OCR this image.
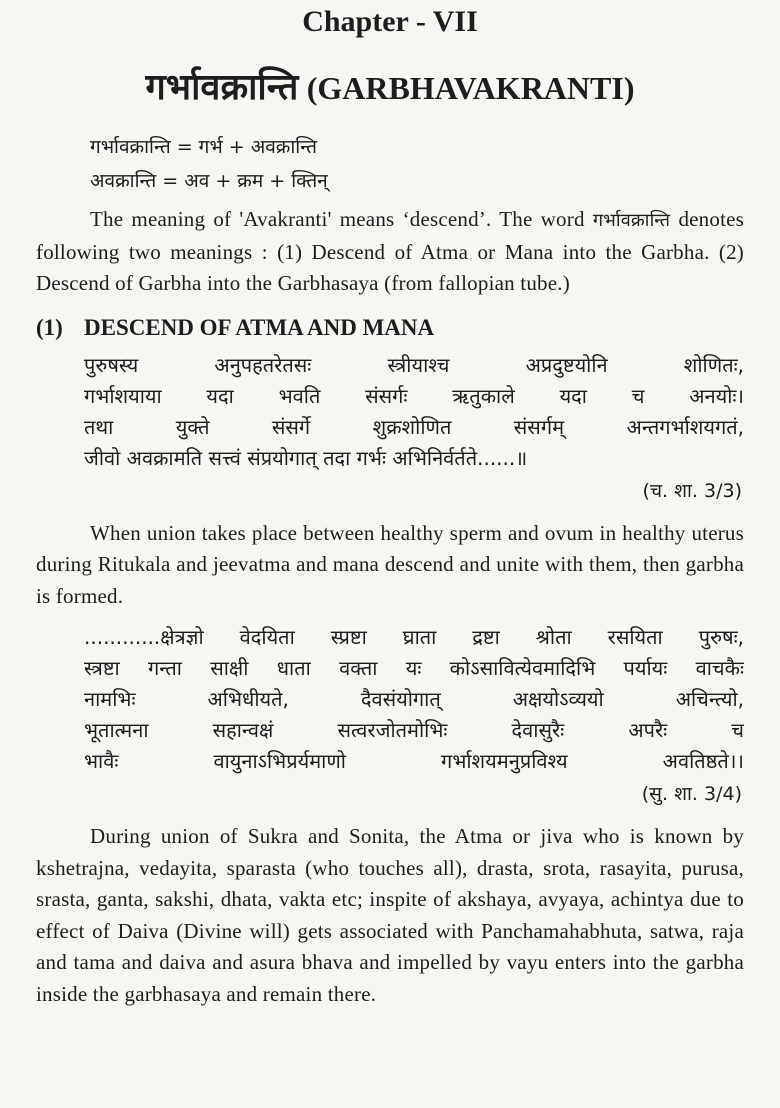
Chapter - VII
गर्भावक्रान्ति (GARBHAVAKRANTI)
गर्भावक्रान्ति = गर्भ + अवक्रान्ति
अवक्रान्ति = अव + क्रम + क्तिन्

The meaning of 'Avakranti' means ‘descend’. The word गर्भावक्रान्ति denotes following two meanings : (1) Descend of Atma or Mana into the Garbha. (2) Descend of Garbha into the Garbhasaya (from fallopian tube.)

(1) DESCEND OF ATMA AND MANA
पुरुषस्य अनुपहतरेतसः स्त्रीयाश्च अप्रदुष्टयोनि शोणितः,
गर्भाशयाया यदा भवति संसर्गः ऋतुकाले यदा च अनयोः।
तथा युक्ते संसर्गे शुक्रशोणित संसर्गम् अन्तगर्भाशयगतं,
जीवो अवक्रामति सत्त्वं संप्रयोगात् तदा गर्भः अभिनिर्वर्तते......॥
(च. शा. 3/3)

When union takes place between healthy sperm and ovum in healthy uterus during Ritukala and jeevatma and mana descend and unite with them, then garbha is formed.

............क्षेत्रज्ञो वेदयिता स्प्रष्टा घ्राता द्रष्टा श्रोता रसयिता पुरुषः,
स्त्रष्टा गन्ता साक्षी धाता वक्ता यः कोऽसावित्येवमादिभि पर्यायः वाचकैः
नामभिः अभिधीयते, दैवसंयोगात् अक्षयोऽव्ययो अचिन्त्यो,
भूतात्मना सहान्वक्षं सत्वरजोतमोभिः देवासुरैः अपरैः च
भावैः वायुनाऽभिप्रर्यमाणो गर्भाशयमनुप्रविश्य अवतिष्ठते।।
(सु. शा. 3/4)

During union of Sukra and Sonita, the Atma or jiva who is known by kshetrajna, vedayita, sparasta (who touches all), drasta, srota, rasayita, purusa, srasta, ganta, sakshi, dhata, vakta etc; inspite of akshaya, avyaya, achintya due to effect of Daiva (Divine will) gets associated with Panchamahabhuta, satwa, raja and tama and daiva and asura bhava and impelled by vayu enters into the garbha inside the garbhasaya and remain there.
